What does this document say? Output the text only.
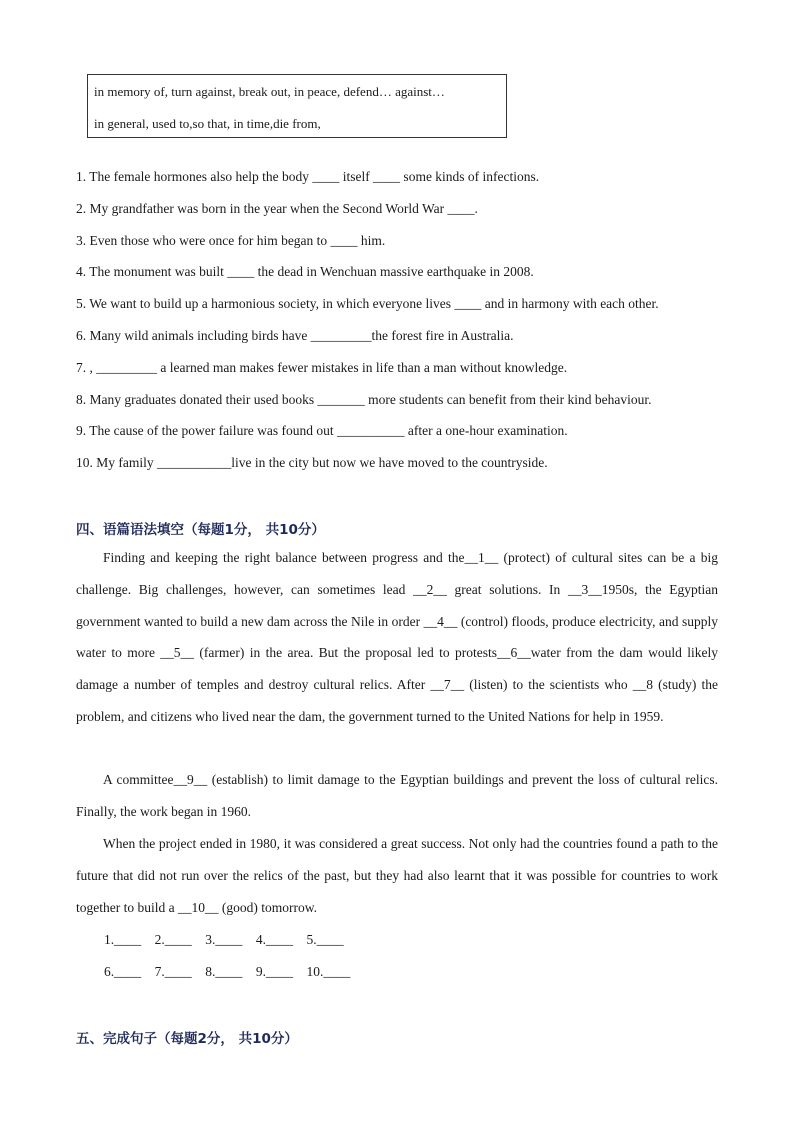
in memory of, turn against, break out, in peace, defend… against…
in general, used to,so that, in time,die from,
1. The female hormones also help the body ____ itself ____ some kinds of infections.
2. My grandfather was born in the year when the Second World War ____.
3. Even those who were once for him began to ____ him.
4. The monument was built ____ the dead in Wenchuan massive earthquake in 2008.
5. We want to build up a harmonious society, in which everyone lives ____ and in harmony with each other.
6. Many wild animals including birds have _________the forest fire in Australia.
7. , _________ a learned man makes fewer mistakes in life than a man without knowledge.
8. Many graduates donated their used books _______ more students can benefit from their kind behaviour.
9. The cause of the power failure was found out __________ after a one-hour examination.
10. My family ___________live in the city but now we have moved to the countryside.
四、语篇语法填空（每题1分， 共10分）
Finding and keeping the right balance between progress and the__1__ (protect) of cultural sites can be a big challenge. Big challenges, however, can sometimes lead __2__ great solutions. In __3__1950s, the Egyptian government wanted to build a new dam across the Nile in order __4__ (control) floods, produce electricity, and supply water to more __5__ (farmer) in the area. But the proposal led to protests__6__water from the dam would likely damage a number of temples and destroy cultural relics. After __7__ (listen) to the scientists who __8 (study) the problem, and citizens who lived near the dam, the government turned to the United Nations for help in 1959.
A committee__9__ (establish) to limit damage to the Egyptian buildings and prevent the loss of cultural relics. Finally, the work began in 1960.
When the project ended in 1980, it was considered a great success. Not only had the countries found a path to the future that did not run over the relics of the past, but they had also learnt that it was possible for countries to work together to build a __10__ (good) tomorrow.
1.____    2.____    3.____    4.____    5.____
6.____    7.____    8.____    9.____    10.____
五、完成句子（每题2分， 共10分）
